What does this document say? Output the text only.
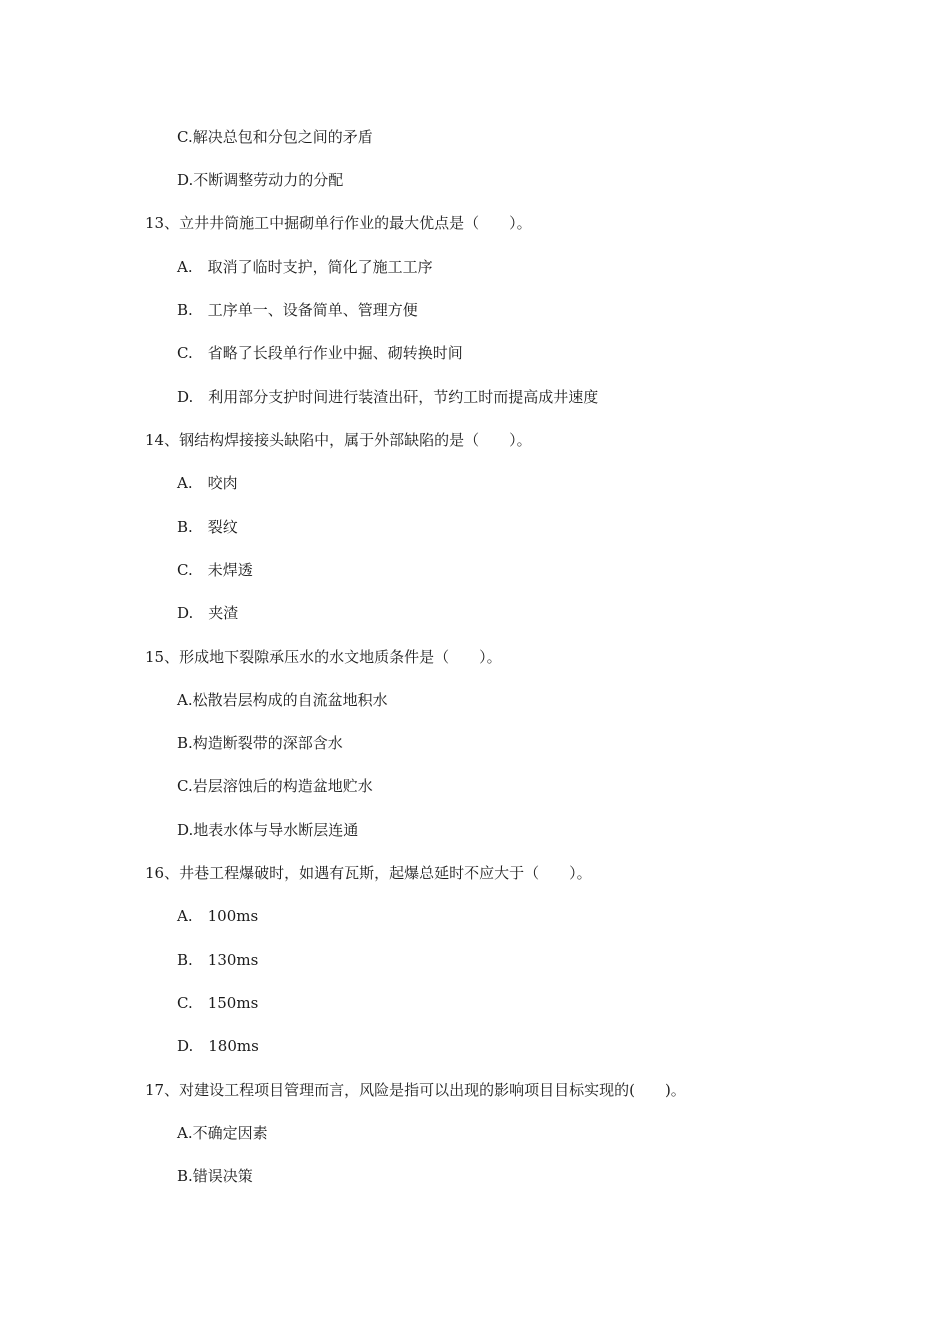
C.解决总包和分包之间的矛盾
D.不断调整劳动力的分配
13、立井井筒施工中掘砌单行作业的最大优点是（　　）。
A.　取消了临时支护，简化了施工工序
B.　工序单一、设备简单、管理方便
C.　省略了长段单行作业中掘、砌转换时间
D.　利用部分支护时间进行装渣出矸，节约工时而提高成井速度
14、钢结构焊接接头缺陷中，属于外部缺陷的是（　　）。
A.　咬肉
B.　裂纹
C.　未焊透
D.　夹渣
15、形成地下裂隙承压水的水文地质条件是（　　）。
A.松散岩层构成的自流盆地积水
B.构造断裂带的深部含水
C.岩层溶蚀后的构造盆地贮水
D.地表水体与导水断层连通
16、井巷工程爆破时，如遇有瓦斯，起爆总延时不应大于（　　）。
A.　100ms
B.　130ms
C.　150ms
D.　180ms
17、对建设工程项目管理而言，风险是指可以出现的影响项目目标实现的(　　)。
A.不确定因素
B.错误决策
